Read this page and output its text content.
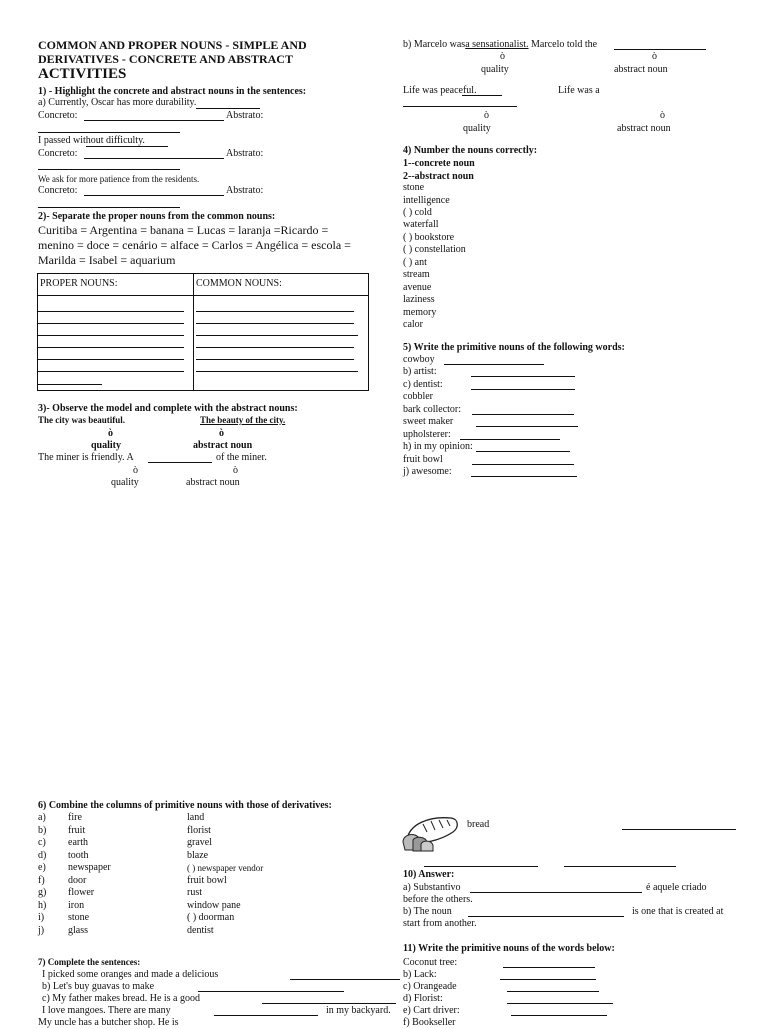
COMMON AND PROPER NOUNS - SIMPLE AND
DERIVATIVES - CONCRETE AND ABSTRACT
ACTIVITIES
1) - Highlight the concrete and abstract nouns in the sentences:
a) Currently, Oscar has more durability.
Concreto:	Abstrato:
I passed without difficulty.
Concreto:	Abstrato:
We ask for more patience from the residents.
Concreto:	Abstrato:
2)- Separate the proper nouns from the common nouns:
Curitiba = Argentina = banana = Lucas = laranja =Ricardo =
menino = doce = cenário = alface = Carlos = Angélica = escola =
Marilda = Isabel = aquarium
PROPER NOUNS:	COMMON NOUNS:

3)- Observe the model and complete with the abstract nouns:
The city was beautiful.	The beauty of the city.
ò	ò
quality	abstract noun
The miner is friendly. A	of the miner.
ò	ò
quality	abstract noun
6) Combine the columns of primitive nouns with those of derivatives:
7) Complete the sentences:
I picked some oranges and made a delicious
b) Let's buy guavas to make
c) My father makes bread. He is a good
I love mangoes. There are many	in my backyard.
My uncle has a butcher shop. He is
b) Marcelo wasa sensationalist. Marcelo told the
ò	ò
quality	abstract noun
Life was peaceful.	Life was a
ò	ò
quality	abstract noun
4) Number the nouns correctly:
1--concrete noun
2--abstract noun
5) Write the primitive nouns of the following words:
bread
10) Answer:
a) Substantivo	é aquele criado
before the others.
b) The noun	is one that is created at
start from another.
11) Write the primitive nouns of the words below:
a) fire	land
b) fruit	florist
c) earth	gravel
d) tooth	blaze
e) newspaper	( ) newspaper vendor
f) door	fruit bowl
g) flower	rust
h) iron	window pane
i) stone	( ) doorman
j) glass	dentist
stone
intelligence
( ) cold
waterfall
( ) bookstore
( ) constellation
( ) ant
stream
avenue
laziness
memory
calor
cowboy
b) artist:
c) dentist:
cobbler
bark collector:
sweet maker
upholsterer:
h) in my opinion:
fruit bowl
j) awesome:
Coconut tree:
b) Lack:
c) Orangeade
d) Florist:
e) Cart driver:
f) Bookseller
